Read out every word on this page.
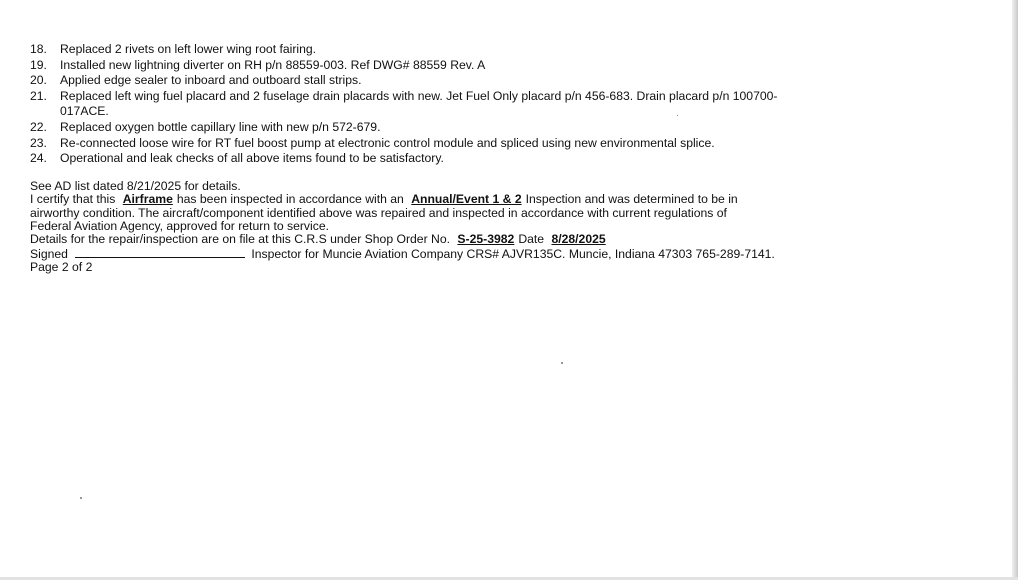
18.	Replaced 2 rivets on left lower wing root fairing.
19.	Installed new lightning diverter on RH p/n 88559-003. Ref DWG# 88559 Rev. A
20.	Applied edge sealer to inboard and outboard stall strips.
21.	Replaced left wing fuel placard and 2 fuselage drain placards with new. Jet Fuel Only placard p/n 456-683. Drain placard p/n 100700-017ACE.
22.	Replaced oxygen bottle capillary line with new p/n 572-679.
23.	Re-connected loose wire for RT fuel boost pump at electronic control module and spliced using new environmental splice.
24.	Operational and leak checks of all above items found to be satisfactory.
See AD list dated 8/21/2025 for details.
I certify that this Airframe has been inspected in accordance with an Annual/Event 1 & 2 Inspection and was determined to be in
airworthy condition. The aircraft/component identified above was repaired and inspected in accordance with current regulations of
Federal Aviation Agency, approved for return to service.
Details for the repair/inspection are on file at this C.R.S under Shop Order No. S-25-3982 Date 8/28/2025
Signed	Inspector for Muncie Aviation Company CRS# AJVR135C. Muncie, Indiana 47303 765-289-7141.
Page 2 of 2
